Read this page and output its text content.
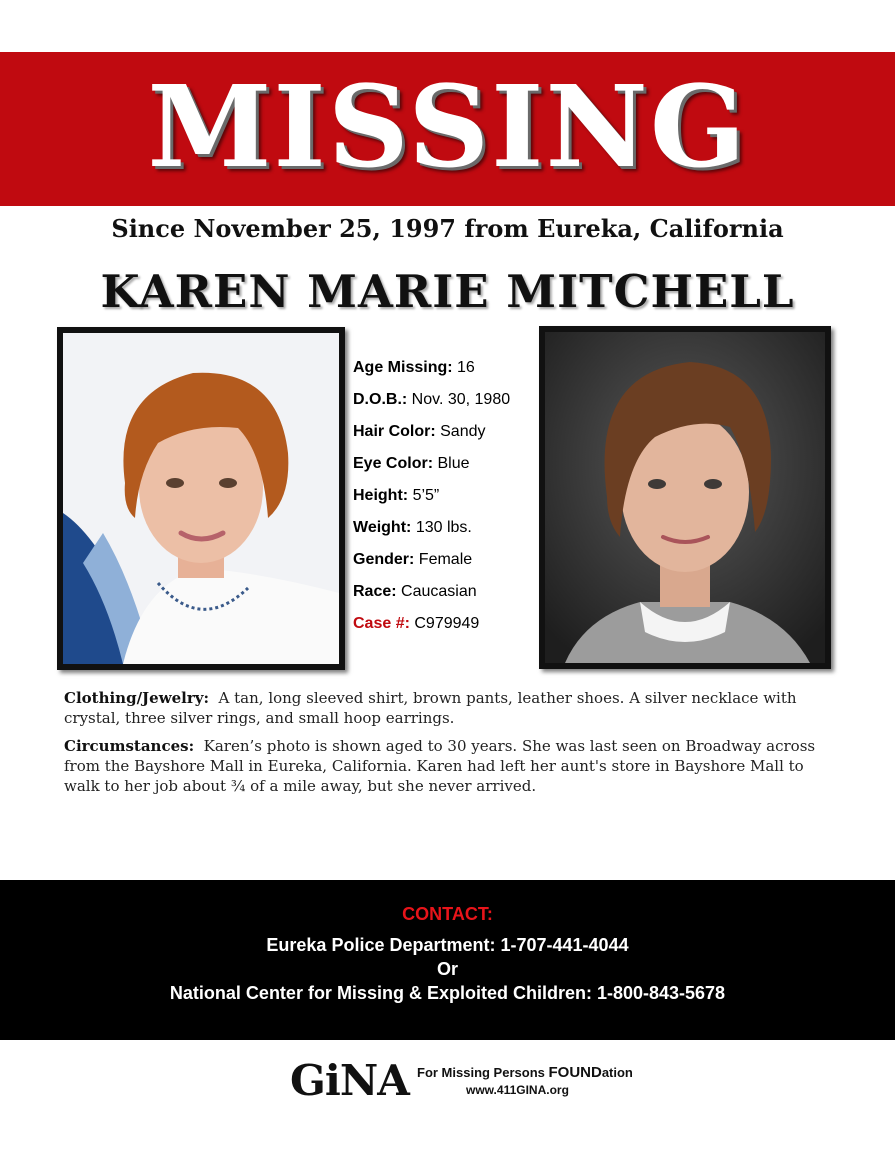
MISSING
Since November 25, 1997 from Eureka, California
KAREN MARIE MITCHELL
Age Missing: 16
D.O.B.: Nov. 30, 1980
Hair Color: Sandy
Eye Color: Blue
Height: 5’5”
Weight: 130 lbs.
Gender: Female
Race: Caucasian
Case #: C979949
Clothing/Jewelry: A tan, long sleeved shirt, brown pants, leather shoes. A silver necklace with crystal, three silver rings, and small hoop earrings.
Circumstances: Karen’s photo is shown aged to 30 years. She was last seen on Broadway across from the Bayshore Mall in Eureka, California. Karen had left her aunt's store in Bayshore Mall to walk to her job about ¾ of a mile away, but she never arrived.
CONTACT:
Eureka Police Department: 1-707-441-4044
Or
National Center for Missing & Exploited Children: 1-800-843-5678
GiNA For Missing Persons FOUNDation
www.411GINA.org
